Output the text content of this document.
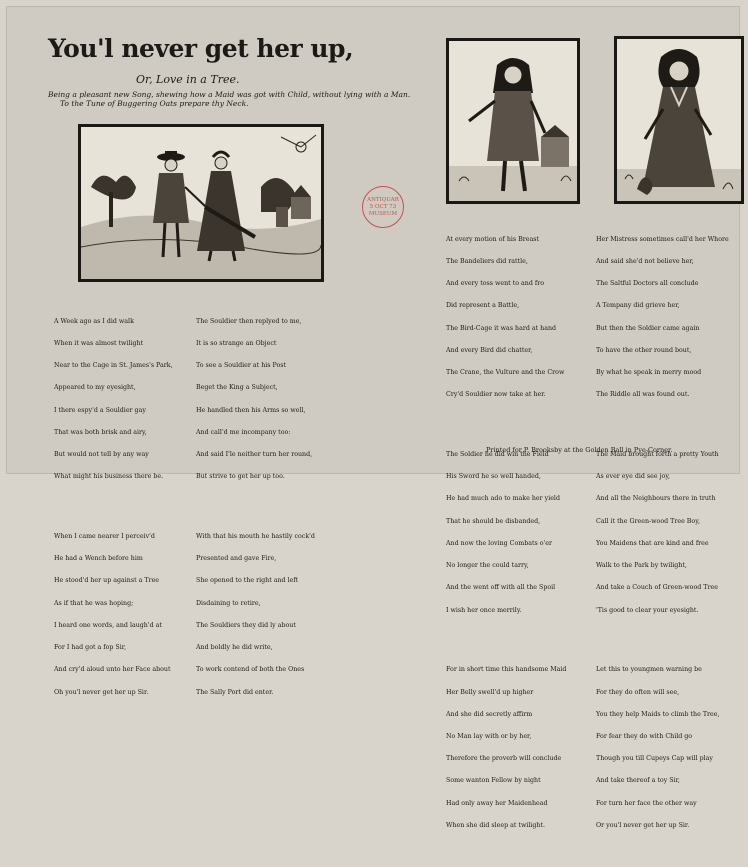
You'l never get her up,
Or, Love in a Tree.
Being a pleasant new Song, shewing how a Maid was got with Child, without lying with a Man. To the Tune of Buggering Oats prepare thy Neck.
ANTIQUAR
5 OCT 73
MUSEUM

A Week ago as I did walk

When it was almost twilight

Near to the Cage in St. James's Park,

Appeared to my eyesight,

I there espy'd a Souldier gay

That was both brisk and airy,

But would not tell by any way

What might his business there be.

When I came nearer I perceiv'd

He had a Wench before him

He stood'd her up against a Tree

As if that he was hoping;

I heard one words, and laugh'd at

For I had got a fop Sir,

And cry'd aloud unto her Face about

Oh you'l never get her up Sir.

The Souldier then replyed to me,

It is so strange an Object

To see a Souldier at his Post

Beget the King a Subject,

He handled then his Arms so well,

And call'd me incompany too:

And said I'le neither turn her round,

But strive to get her up too.

With that his mouth he hastily cock'd

Presented and gave Fire,

She opened to the right and left

Disdaining to retire,

The Souldiers they did ly about

And boldly he did write,

To work contend of both the Ones

The Sally Port did enter.

At every motion of his Breast

The Bandeliers did rattle,

And every toss went to and fro

Did represent a Battle,

The Bird-Cage it was hard at hand

And every Bird did chatter,

The Crane, the Vulture and the Crow

Cry'd Souldier now take at her.

The Soldier he did win the Field

His Sword he so well handed,

He had much ado to make her yield

That he should be disbanded,

And now the loving Combats o'er

No longer the could tarry,

And the went off with all the Spoil

I wish her once merrily.

For in short time this handsome Maid

Her Belly swell'd up higher

And she did secretly affirm

No Man lay with or by her,

Therefore the proverb will conclude

Some wanton Fellow by night

Had only away her Maidenhead

When she did sleep at twilight.

Her Mistress sometimes call'd her Whore

And said she'd not believe her,

The Saltful Doctors all conclude

A Tempany did grieve her,

But then the Soldier came again

To have the other round bout,

By what he speak in merry mood

The Riddle all was found out.

The Maid brought forth a pretty Youth

As ever eye did see joy,

And all the Neighbours there in truth

Call it the Green-wood Tree Boy,

You Maidens that are kind and free

Walk to the Park by twilight,

And take a Couch of Green-wood Tree

'Tis good to clear your eyesight.

Let this to youngmen warning be

For they do often will see,

You they help Maids to climb the Tree,

For fear they do with Child go

Though you till Cupeys Cap will play

And take thereof a toy Sir,

For turn her face the other way

Or you'l never get her up Sir.

Printed for P. Brooksby at the Golden Ball in Pye-Corner.
